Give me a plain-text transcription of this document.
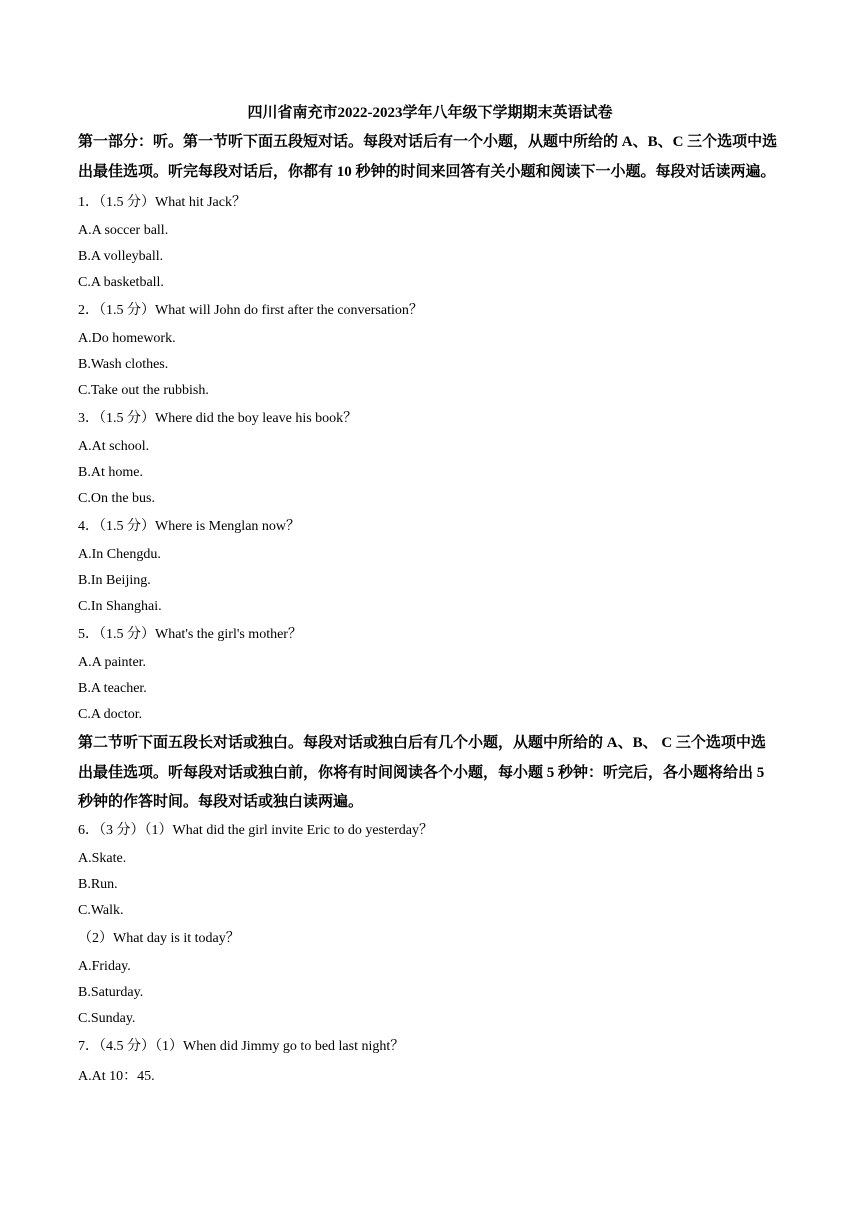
四川省南充市2022-2023学年八年级下学期期末英语试卷
第一部分：听。第一节听下面五段短对话。每段对话后有一个小题，从题中所给的 A、B、C 三个选项中选
出最佳选项。听完每段对话后，你都有 10 秒钟的时间来回答有关小题和阅读下一小题。每段对话读两遍。
1．（1.5 分）What hit Jack？
A.A soccer ball.
B.A volleyball.
C.A basketball.
2．（1.5 分）What will John do first after the conversation？
A.Do homework.
B.Wash clothes.
C.Take out the rubbish.
3．（1.5 分）Where did the boy leave his book？
A.At school.
B.At home.
C.On the bus.
4．（1.5 分）Where is Menglan now？
A.In Chengdu.
B.In Beijing.
C.In Shanghai.
5．（1.5 分）What's the girl's mother？
A.A painter.
B.A teacher.
C.A doctor.
第二节听下面五段长对话或独白。每段对话或独白后有几个小题，从题中所给的 A、B、 C 三个选项中选
出最佳选项。听每段对话或独白前，你将有时间阅读各个小题，每小题 5 秒钟：听完后，各小题将给出 5
秒钟的作答时间。每段对话或独白读两遍。
6．（3 分）（1）What did the girl invite Eric to do yesterday？
A.Skate.
B.Run.
C.Walk.
（2）What day is it today？
A.Friday.
B.Saturday.
C.Sunday.
7．（4.5 分）（1）When did Jimmy go to bed last night？
A.At 10：45.
